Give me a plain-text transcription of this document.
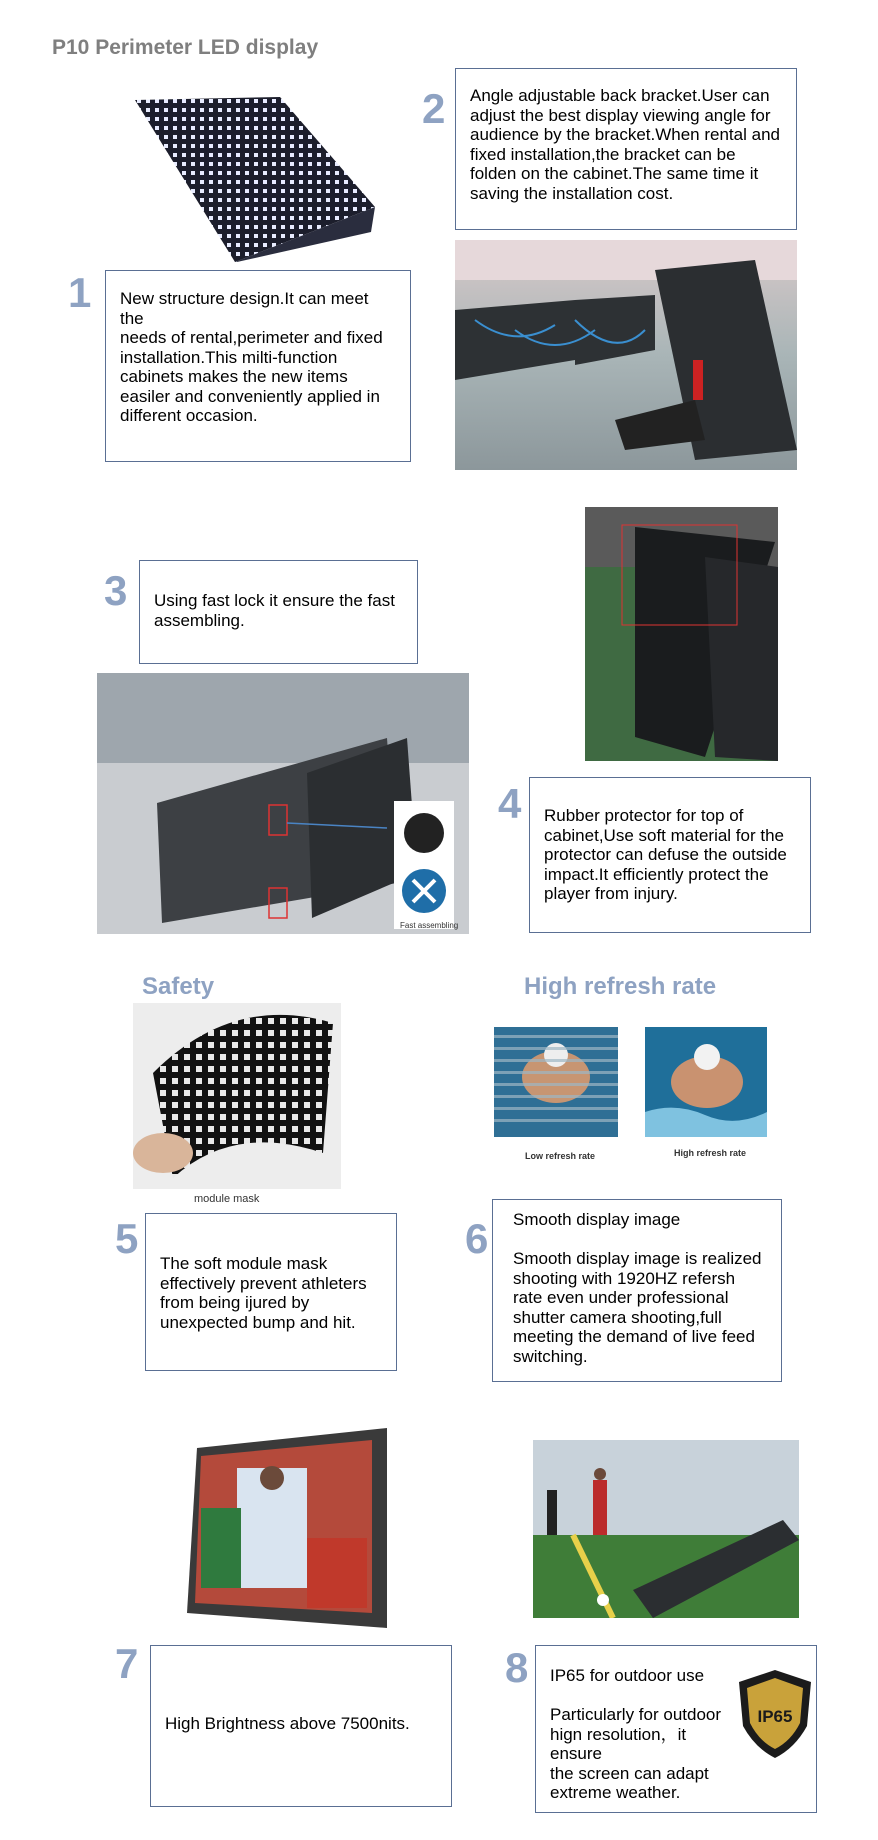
P10 Perimeter LED display
1	New structure design.It can meet the
needs of rental,perimeter and fixed installation.This milti-function cabinets makes the new items easiler and conveniently applied in different occasion.
2	Angle adjustable back bracket.User can adjust the best display viewing angle for audience by the bracket.When rental and fixed installation,the bracket can be folden on the cabinet.The same time it saving the installation cost.
3	Using fast lock it ensure the fast assembling.
Fast assembling
4	Rubber protector for top of cabinet,Use soft material for the protector can defuse the outside impact.It efficiently protect the player from injury.
Safety	High refresh rate
module mask
Low refresh rate	High refresh rate
5
The soft module mask effectively prevent athleters from being ijured by unexpected bump and hit.
6	Smooth display image

Smooth display image is realized shooting with 1920HZ refersh rate even under professional shutter camera shooting,full meeting the demand of live feed switching.
7
High Brightness above 7500nits.
8	IP65 for outdoor use

Particularly for outdoor hign resolution，it ensure
the screen can adapt extreme weather.
IP65
